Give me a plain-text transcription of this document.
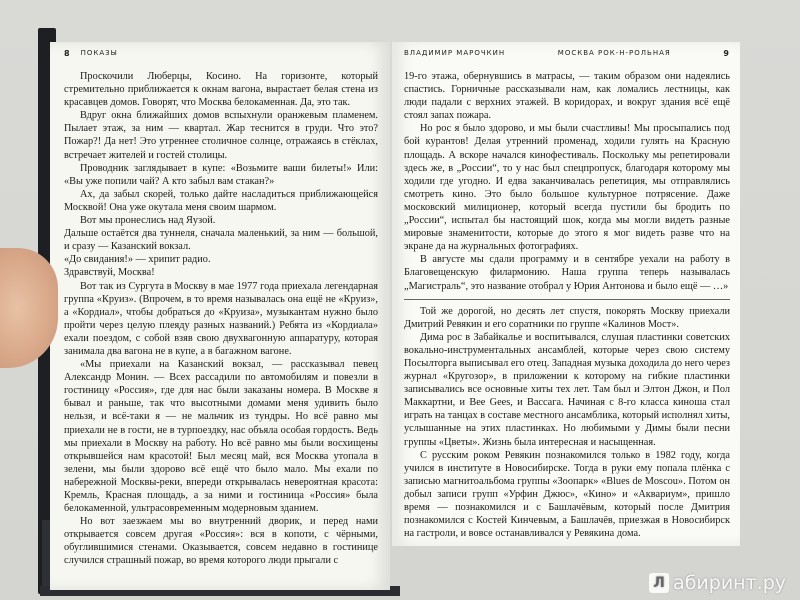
8 ПОКАЗЫ

Проскочили Люберцы, Косино. На горизонте, который стремительно приближается к окнам вагона, вырастает белая стена из красавцев домов. Говорят, что Москва белокаменная. Да, это так.

Вдруг окна ближайших домов вспыхнули оранжевым пламенем. Пылает этаж, за ним — квартал. Жар теснится в груди. Что это? Пожар?! Да нет! Это утреннее столичное солнце, отражаясь в стёклах, встречает жителей и гостей столицы.

Проводник заглядывает в купе: «Возьмите ваши билеты!» Или: «Вы уже попили чай? А кто забыл вам стакан?»

Ах, да забыл скорей, только дайте насладиться приближающейся Москвой! Она уже окутала меня своим шармом.

Вот мы пронеслись над Яузой.

Дальше остаётся два туннеля, сначала маленький, за ним — большой, и сразу — Казанский вокзал.

«До свидания!» — хрипит радио.

Здравствуй, Москва!

Вот так из Сургута в Москву в мае 1977 года приехала легендарная группа «Круиз». (Впрочем, в то время называлась она ещё не «Круиз», а «Кордиал», чтобы добраться до «Круиза», музыкантам нужно было пройти через целую плеяду разных названий.) Ребята из «Кордиала» ехали поездом, с собой взяв свою двухвагонную аппаратуру, которая занимала два вагона не в купе, а в багажном вагоне.

«Мы приехали на Казанский вокзал, — рассказывал певец Александр Монин. — Всех рассадили по автомобилям и повезли в гостиницу «Россия», где для нас были заказаны номера. В Москве я бывал и раньше, так что высотными домами меня удивить было нельзя, и всё-таки я — не мальчик из тундры. Но всё равно мы приехали не в гости, не в турпоездку, нас объяла особая гордость. Ведь мы приехали в Москву на работу. Но всё равно мы были восхищены открывшейся нам красотой! Был месяц май, вся Москва утопала в зелени, мы были здорово всё ещё что было мало. Мы ехали по набережной Москвы-реки, впереди открывалась невероятная красота: Кремль, Красная площадь, а за ними и гостиница «Россия» была белокаменной, ультрасовременным модерновым зданием.

Но вот заезжаем мы во внутренний дворик, и перед нами открывается совсем другая «Россия»: вся в копоти, с чёрными, обуглившимися стенами. Оказывается, совсем недавно в гостинице случился страшный пожар, во время которого люди прыгали с

ВЛАДИМИР МАРОЧКИН	МОСКВА РОК-Н-РОЛЬНАЯ	9

19-го этажа, обернувшись в матрасы, — таким образом они надеялись спастись. Горничные рассказывали нам, как ломались лестницы, как люди падали с верхних этажей. В коридорах, и вокруг здания всё ещё стоял запах пожара.

Но рос я было здорово, и мы были счастливы! Мы просыпались под бой курантов! Делая утренний променад, ходили гулять на Красную площадь. А вскоре начался кинофестиваль. Поскольку мы репетировали здесь же, в „России“, то у нас был спецпропуск, благодаря которому мы ходили где угодно. И едва заканчивалась репетиция, мы отправлялись смотреть кино. Это было большое культурное потрясение. Даже московский милиционер, который всегда пустили бы бродить по „России“, испытал бы настоящий шок, когда мы могли видеть разные мировые знаменитости, которые до этого я мог видеть разве что на экране да на журнальных фотографиях.

В августе мы сдали программу и в сентябре уехали на работу в Благовещенскую филармонию. Наша группа теперь называлась „Магистраль“, это название отобрал у Юрия Антонова и было ещё — …»

Той же дорогой, но десять лет спустя, покорять Москву приехали Дмитрий Ревякин и его соратники по группе «Калинов Мост».

Дима рос в Забайкалье и воспитывался, слушая пластинки советских вокально-инструментальных ансамблей, которые через свою систему Посылторга выписывал его отец. Западная музыка доходила до него через журнал «Кругозор», в приложении к которому на гибкие пластинки записывались все основные хиты тех лет. Там был и Элтон Джон, и Пол Маккартни, и Bee Gees, и Вассага. Начиная с 8-го класса киноша стал играть на танцах в составе местного ансамблика, который исполнял хиты, услышанные на этих пластинках. Но любимыми у Димы были песни группы «Цветы». Жизнь была интересная и насыщенная.

С русским роком Ревякин познакомился только в 1982 году, когда учился в институте в Новосибирске. Тогда в руки ему попала плёнка с записью магнитоальбома группы «Зоопарк» «Blues de Moscou». Потом он добыл записи групп «Урфин Джюс», «Кино» и «Аквариум», пришло время — познакомился и с Башлачёвым, который после Дмитрия познакомился с Костей Кинчевым, а Башлачёв, приезжая в Новосибирск на гастроли, и вовсе останавливался у Ревякина дома.

Л абиринт.ру
